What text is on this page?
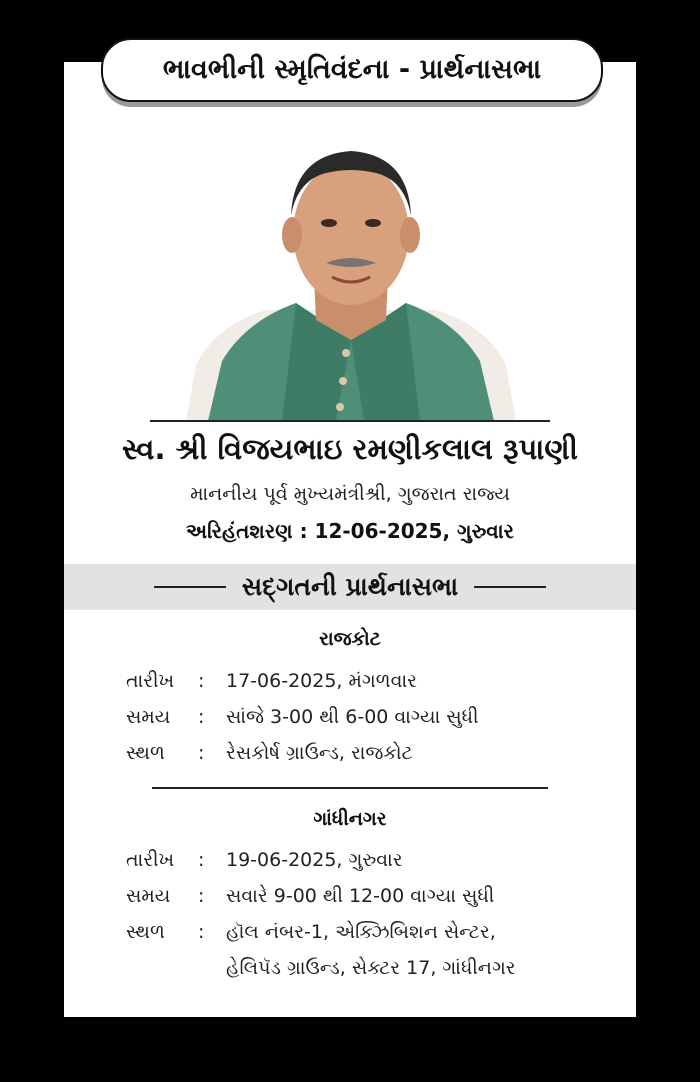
ભાવભીની સ્મૃતિવંદના - પ્રાર્થનાસભા
સ્વ. શ્રી વિજયભાઇ રમણીકલાલ રૂપાણી
માનનીય પૂર્વ મુખ્યમંત્રીશ્રી, ગુજરાત રાજ્ય
અરિહંતશરણ : 12-06-2025, ગુરુવાર
સદ્ગતની પ્રાર્થનાસભા
રાજકોટ
તારીખ : 17-06-2025, મંગળવાર
સમય : સાંજે 3-00 થી 6-00 વાગ્યા સુધી
સ્થળ : રેસકોર્ષ ગ્રાઉન્ડ, રાજકોટ
ગાંધીનગર
તારીખ : 19-06-2025, ગુરુવાર
સમય : સવારે 9-00 થી 12-00 વાગ્યા સુધી
સ્થળ : હૉલ નંબર-1, એક્ઝિબિશન સેન્ટર,
હેલિપૅડ ગ્રાઉન્ડ, સેક્ટર 17, ગાંધીનગર
